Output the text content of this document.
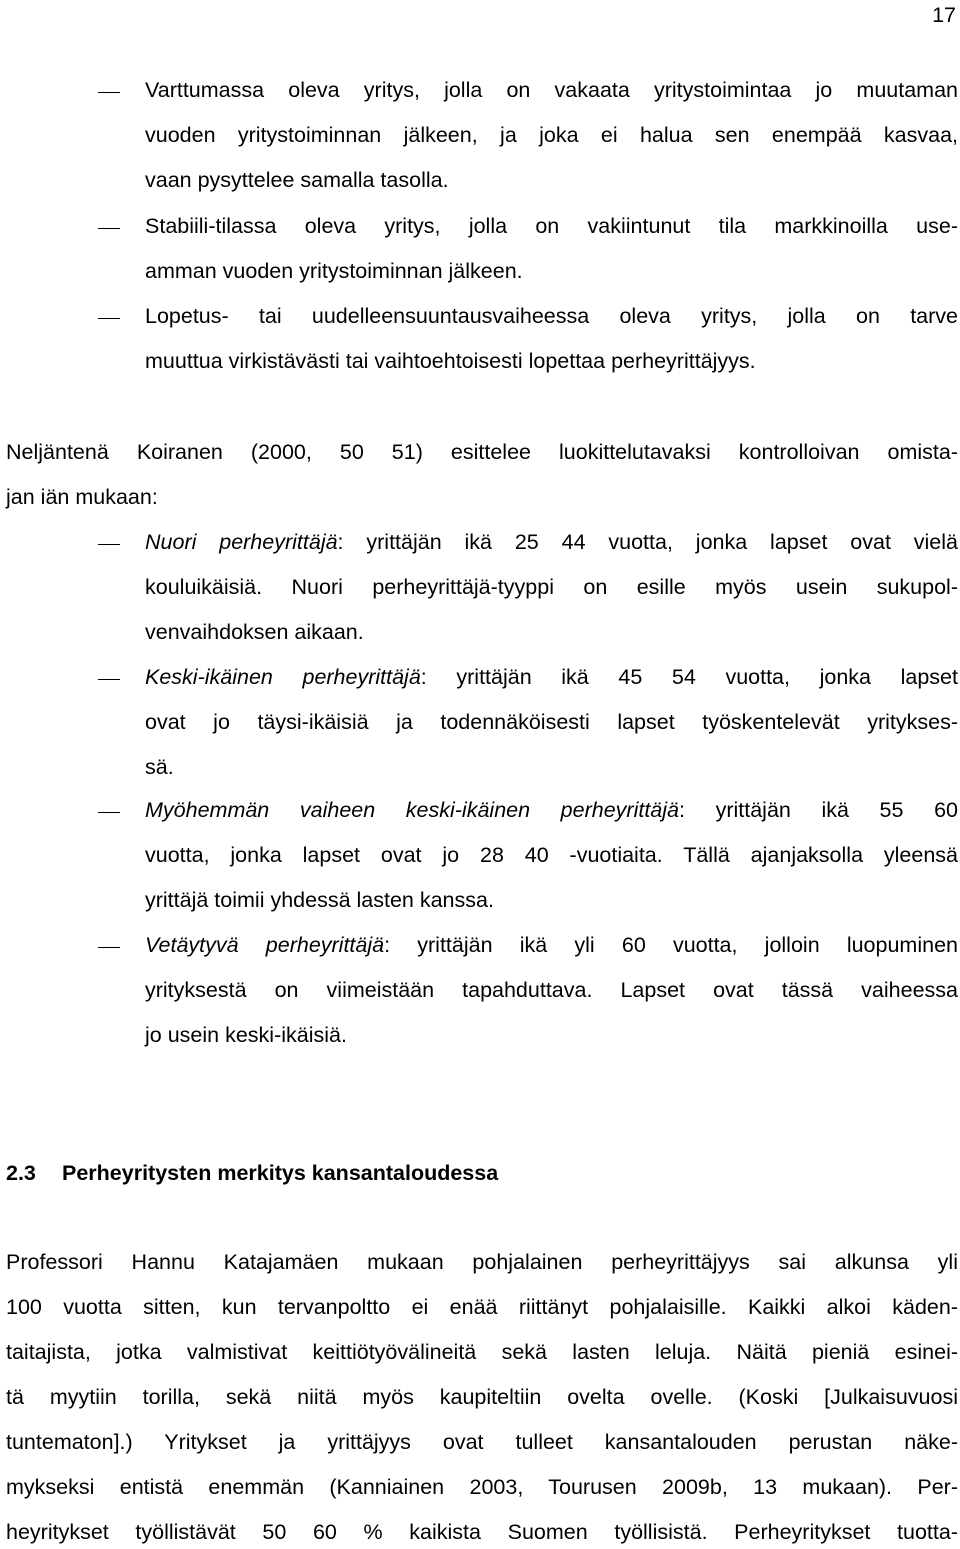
17
Varttumassa oleva yritys, jolla on vakaata yritystoimintaa jo muutaman
vuoden yritystoiminnan jälkeen, ja joka ei halua sen enempää kasvaa,
vaan pysyttelee samalla tasolla.
Stabiili-tilassa oleva yritys, jolla on vakiintunut tila markkinoilla use-
amman vuoden yritystoiminnan jälkeen.
Lopetus- tai uudelleensuuntausvaiheessa oleva yritys, jolla on tarve
muuttua virkistävästi tai vaihtoehtoisesti lopettaa perheyrittäjyys.
Neljäntenä Koiranen (2000, 50 51) esittelee luokittelutavaksi kontrolloivan omista-
jan iän mukaan:
Nuori perheyrittäjä: yrittäjän ikä 25 44 vuotta, jonka lapset ovat vielä
kouluikäisiä. Nuori perheyrittäjä-tyyppi on esille myös usein sukupol-
venvaihdoksen aikaan.
Keski-ikäinen perheyrittäjä: yrittäjän ikä 45 54 vuotta, jonka lapset
ovat jo täysi-ikäisiä ja todennäköisesti lapset työskentelevät yritykses-
sä.
Myöhemmän vaiheen keski-ikäinen perheyrittäjä: yrittäjän ikä 55 60
vuotta, jonka lapset ovat jo 28 40 -vuotiaita. Tällä ajanjaksolla yleensä
yrittäjä toimii yhdessä lasten kanssa.
Vetäytyvä perheyrittäjä: yrittäjän ikä yli 60 vuotta, jolloin luopuminen
yrityksestä on viimeistään tapahduttava. Lapset ovat tässä vaiheessa
jo usein keski-ikäisiä.
2.3 Perheyritysten merkitys kansantaloudessa
Professori Hannu Katajamäen mukaan pohjalainen perheyrittäjyys sai alkunsa yli
100 vuotta sitten, kun tervanpoltto ei enää riittänyt pohjalaisille. Kaikki alkoi käden-
taitajista, jotka valmistivat keittiötyövälineitä sekä lasten leluja. Näitä pieniä esinei-
tä myytiin torilla, sekä niitä myös kaupiteltiin ovelta ovelle. (Koski [Julkaisuvuosi
tuntematon].) Yritykset ja yrittäjyys ovat tulleet kansantalouden perustan näke-
mykseksi entistä enemmän (Kanniainen 2003, Tourusen 2009b, 13 mukaan). Per-
heyritykset työllistävät 50 60 % kaikista Suomen työllisistä. Perheyritykset tuotta-
